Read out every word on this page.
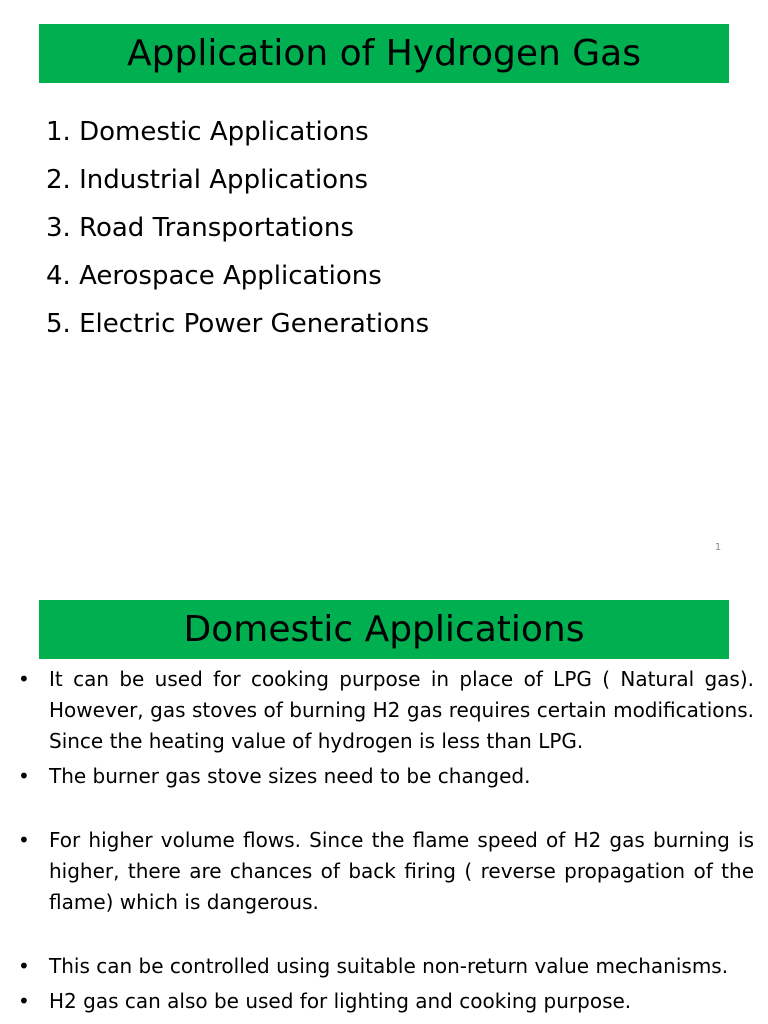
Application of Hydrogen Gas
1. Domestic Applications
2. Industrial Applications
3. Road Transportations
4. Aerospace Applications
5. Electric Power Generations
1
Domestic Applications
• It can be used for cooking purpose in place of LPG ( Natural gas). However, gas stoves of burning H2 gas requires certain modifications. Since the heating value of hydrogen is less than LPG.
• The burner gas stove sizes need to be changed.
• For higher volume flows. Since the flame speed of H2 gas burning is higher, there are chances of back firing ( reverse propagation of the flame) which is dangerous.
• This can be controlled using suitable non-return value mechanisms.
• H2 gas can also be used for lighting and cooking purpose.
